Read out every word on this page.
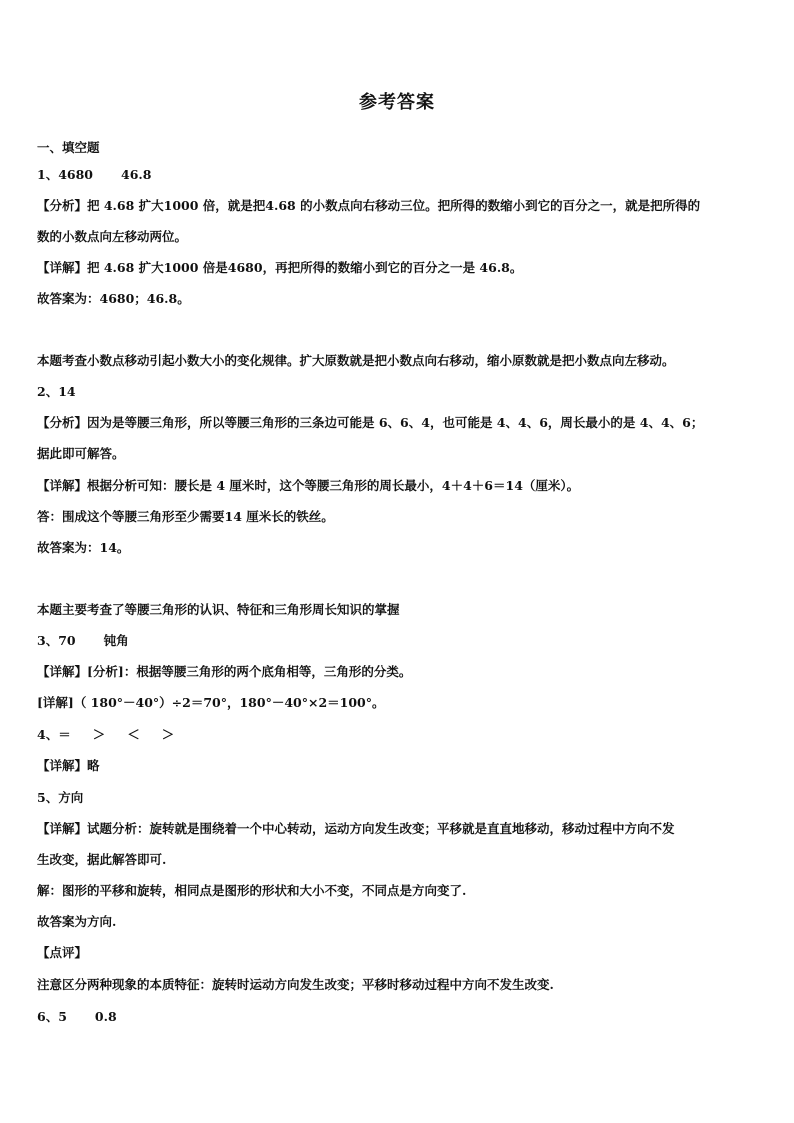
参考答案
一、填空题
1、4680 46.8
【分析】把 4.68 扩大1000 倍，就是把4.68 的小数点向右移动三位。把所得的数缩小到它的百分之一，就是把所得的
数的小数点向左移动两位。
【详解】把 4.68 扩大1000 倍是4680，再把所得的数缩小到它的百分之一是 46.8。
故答案为：4680；46.8。
本题考查小数点移动引起小数大小的变化规律。扩大原数就是把小数点向右移动，缩小原数就是把小数点向左移动。
2、14
【分析】因为是等腰三角形，所以等腰三角形的三条边可能是 6、6、4，也可能是 4、4、6，周长最小的是 4、4、6；
据此即可解答。
【详解】根据分析可知：腰长是 4 厘米时，这个等腰三角形的周长最小，4＋4＋6＝14（厘米）。
答：围成这个等腰三角形至少需要14 厘米长的铁丝。
故答案为：14。
本题主要考查了等腰三角形的认识、特征和三角形周长知识的掌握
3、70 钝角
【详解】[分析]：根据等腰三角形的两个底角相等，三角形的分类。
[详解]（ 180°－40°）÷2＝70°，180°－40°×2＝100°。
4、＝ ＞ ＜ ＞
【详解】略
5、方向
【详解】试题分析：旋转就是围绕着一个中心转动，运动方向发生改变；平移就是直直地移动，移动过程中方向不发
生改变，据此解答即可.
解：图形的平移和旋转，相同点是图形的形状和大小不变，不同点是方向变了.
故答案为方向.
【点评】
注意区分两种现象的本质特征：旋转时运动方向发生改变；平移时移动过程中方向不发生改变.
6、5 0.8
